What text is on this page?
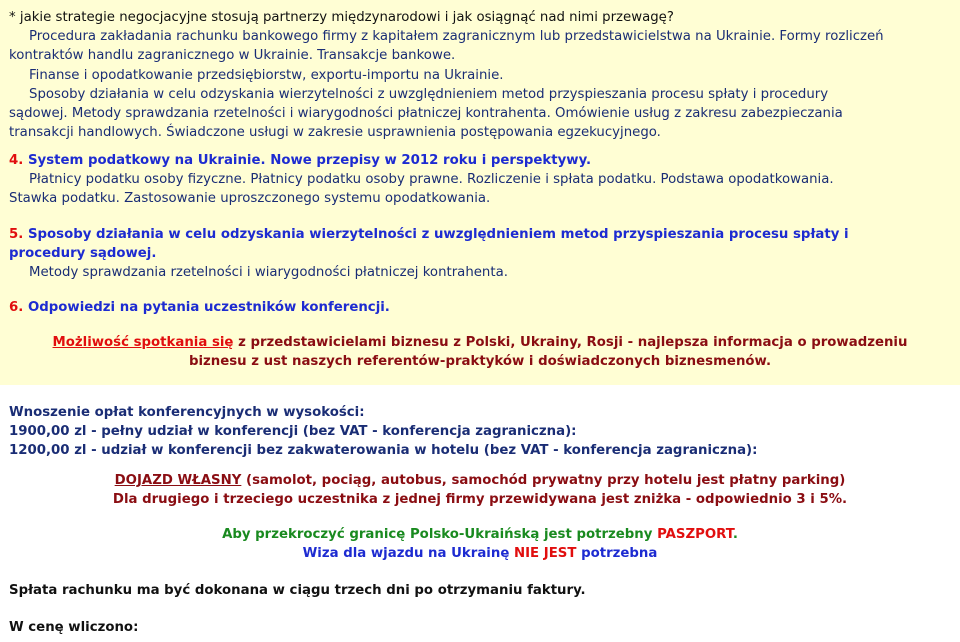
* jakie strategie negocjacyjne stosują partnerzy międzynarodowi i jak osiągnąć nad nimi przewagę?
Procedura zakładania rachunku bankowego firmy z kapitałem zagranicznym lub przedstawicielstwa na Ukrainie. Formy rozliczeń
kontraktów handlu zagranicznego w Ukrainie. Transakcje bankowe.
Finanse i opodatkowanie przedsiębiorstw, exportu-importu na Ukrainie.
Sposoby działania w celu odzyskania wierzytelności z uwzględnieniem metod przyspieszania procesu spłaty i procedury
sądowej. Metody sprawdzania rzetelności i wiarygodności płatniczej kontrahenta. Omówienie usług z zakresu zabezpieczania
transakcji handlowych. Świadczone usługi w zakresie usprawnienia postępowania egzekucyjnego.
4. System podatkowy na Ukrainie. Nowe przepisy w 2012 roku i perspektywy.
Płatnicy podatku osoby fizyczne. Płatnicy podatku osoby prawne. Rozliczenie i spłata podatku. Podstawa opodatkowania.
Stawka podatku. Zastosowanie uproszczonego systemu opodatkowania.
5. Sposoby działania w celu odzyskania wierzytelności z uwzględnieniem metod przyspieszania procesu spłaty i
procedury sądowej.
Metody sprawdzania rzetelności i wiarygodności płatniczej kontrahenta.
6. Odpowiedzi na pytania uczestników konferencji.
Możliwość spotkania się z przedstawicielami biznesu z Polski, Ukrainy, Rosji - najlepsza informacja o prowadzeniu
biznesu z ust naszych referentów-praktyków i doświadczonych biznesmenów.
Wnoszenie opłat konferencyjnych w wysokości:
1900,00 zl - pełny udział w konferencji (bez VAT - konferencja zagraniczna):
1200,00 zl - udział w konferencji bez zakwaterowania w hotelu (bez VAT - konferencja zagraniczna):
DOJAZD WŁASNY (samolot, pociąg, autobus, samochód prywatny przy hotelu jest płatny parking)
Dla drugiego i trzeciego uczestnika z jednej firmy przewidywana jest zniżka - odpowiednio 3 i 5%.
Aby przekroczyć granicę Polsko-Ukraińską jest potrzebny PASZPORT.
Wiza dla wjazdu na Ukrainę NIE JEST potrzebna
Spłata rachunku ma być dokonana w ciągu trzech dni po otrzymaniu faktury.
W cenę wliczono:
